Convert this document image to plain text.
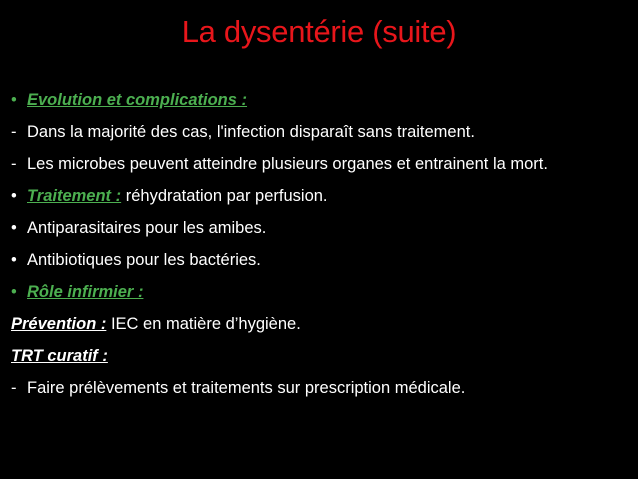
La dysentérie (suite)
• Evolution et complications :
- Dans la majorité des cas, l'infection disparaît sans traitement.
- Les microbes peuvent atteindre plusieurs organes et entrainent la mort.
• Traitement : réhydratation par perfusion.
• Antiparasitaires pour les amibes.
• Antibiotiques pour les bactéries.
• Rôle infirmier :
Prévention : IEC en matière d’hygiène.
TRT curatif :
- Faire prélèvements et traitements sur prescription médicale.
